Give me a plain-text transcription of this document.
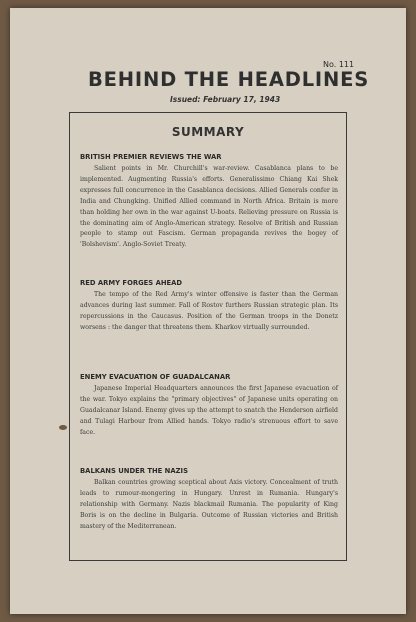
No. 111
BEHIND THE HEADLINES
Issued: February 17, 1943
SUMMARY
BRITISH PREMIER REVIEWS THE WAR

Salient points in Mr. Churchill's war-review. Casablanca plans to be implemented. Augmenting Russia's efforts. Generalissimo Chiang Kai Shek expresses full concurrence in the Casablanca decisions. Allied Generals confer in India and Chungking. Unified Allied command in North Africa. Britain is more than holding her own in the war against U-boats. Relieving pressure on Russia is the dominating aim of Anglo-American strategy. Resolve of British and Russian people to stamp out Fascism. German propaganda revives the bogey of 'Bolshevism'. Anglo-Soviet Treaty.

RED ARMY FORGES AHEAD

The tempo of the Red Army's winter offensive is faster than the German advances during last summer. Fall of Rostov furthers Russian strategic plan. Its repercussions in the Caucasus. Position of the German troops in the Donetz worsens : the danger that threatens them. Kharkov virtually surrounded.

ENEMY EVACUATION OF GUADALCANAR

Japanese Imperial Headquarters announces the first Japanese evacuation of the war. Tokyo explains the "primary objectives" of Japanese units operating on Guadalcanar Island. Enemy gives up the attempt to snatch the Henderson airfield and Tulagi Harbour from Allied hands. Tokyo radio's strenuous effort to save face.

BALKANS UNDER THE NAZIS

Balkan countries growing sceptical about Axis victory. Concealment of truth leads to rumour-mongering in Hungary. Unrest in Rumania. Hungary's relationship with Germany. Nazis blackmail Rumania. The popularity of King Boris is on the decline in Bulgaria. Outcome of Russian victories and British mastery of the Mediterranean.
